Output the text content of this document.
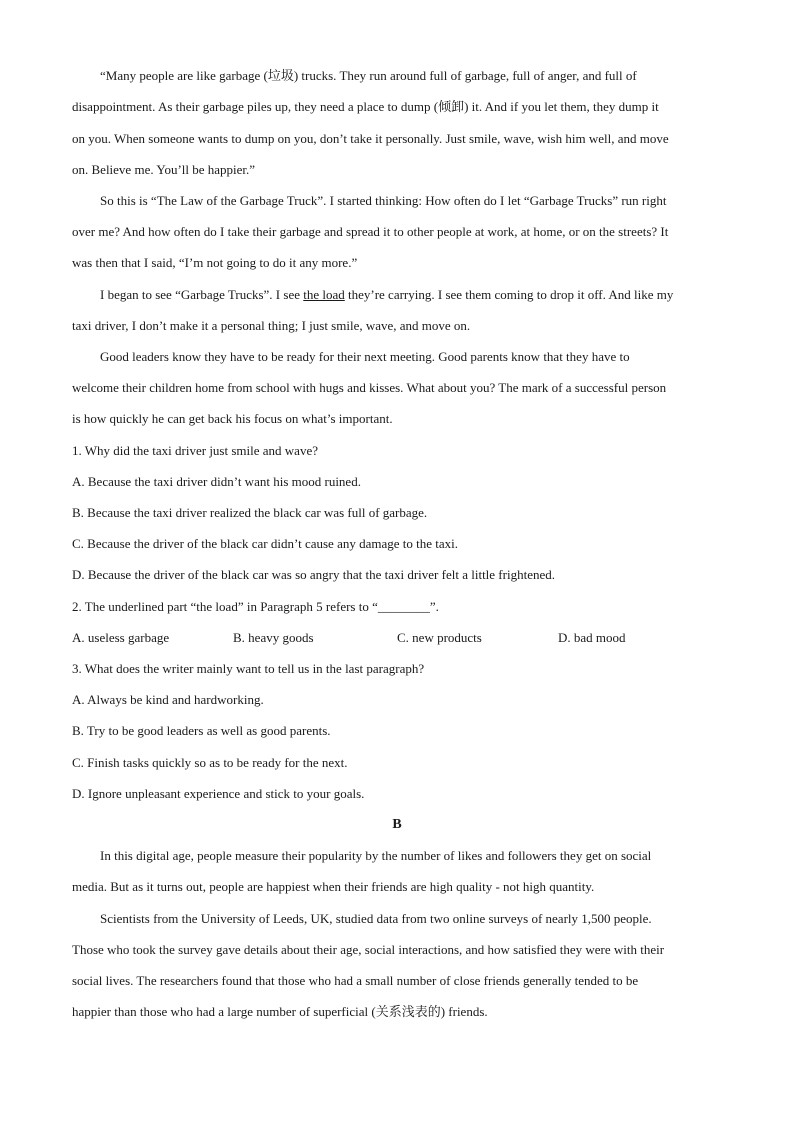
“Many people are like garbage (垃圾) trucks. They run around full of garbage, full of anger, and full of
disappointment. As their garbage piles up, they need a place to dump (倾卸) it. And if you let them, they dump it
on you. When someone wants to dump on you, don’t take it personally. Just smile, wave, wish him well, and move
on. Believe me. You’ll be happier.”
So this is “The Law of the Garbage Truck”. I started thinking: How often do I let “Garbage Trucks” run right
over me? And how often do I take their garbage and spread it to other people at work, at home, or on the streets? It
was then that I said, “I’m not going to do it any more.”
I began to see “Garbage Trucks”. I see the load they’re carrying. I see them coming to drop it off. And like my
taxi driver, I don’t make it a personal thing; I just smile, wave, and move on.
Good leaders know they have to be ready for their next meeting. Good parents know that they have to
welcome their children home from school with hugs and kisses. What about you? The mark of a successful person
is how quickly he can get back his focus on what’s important.
1. Why did the taxi driver just smile and wave?
A. Because the taxi driver didn’t want his mood ruined.
B. Because the taxi driver realized the black car was full of garbage.
C. Because the driver of the black car didn’t cause any damage to the taxi.
D. Because the driver of the black car was so angry that the taxi driver felt a little frightened.
2. The underlined part “the load” in Paragraph 5 refers to “________”.
A. useless garbage	B. heavy goods	C. new products	D. bad mood
3. What does the writer mainly want to tell us in the last paragraph?
A. Always be kind and hardworking.
B. Try to be good leaders as well as good parents.
C. Finish tasks quickly so as to be ready for the next.
D. Ignore unpleasant experience and stick to your goals.
B
In this digital age, people measure their popularity by the number of likes and followers they get on social
media. But as it turns out, people are happiest when their friends are high quality - not high quantity.
Scientists from the University of Leeds, UK, studied data from two online surveys of nearly 1,500 people.
Those who took the survey gave details about their age, social interactions, and how satisfied they were with their
social lives. The researchers found that those who had a small number of close friends generally tended to be
happier than those who had a large number of superficial (关系浅表的) friends.
